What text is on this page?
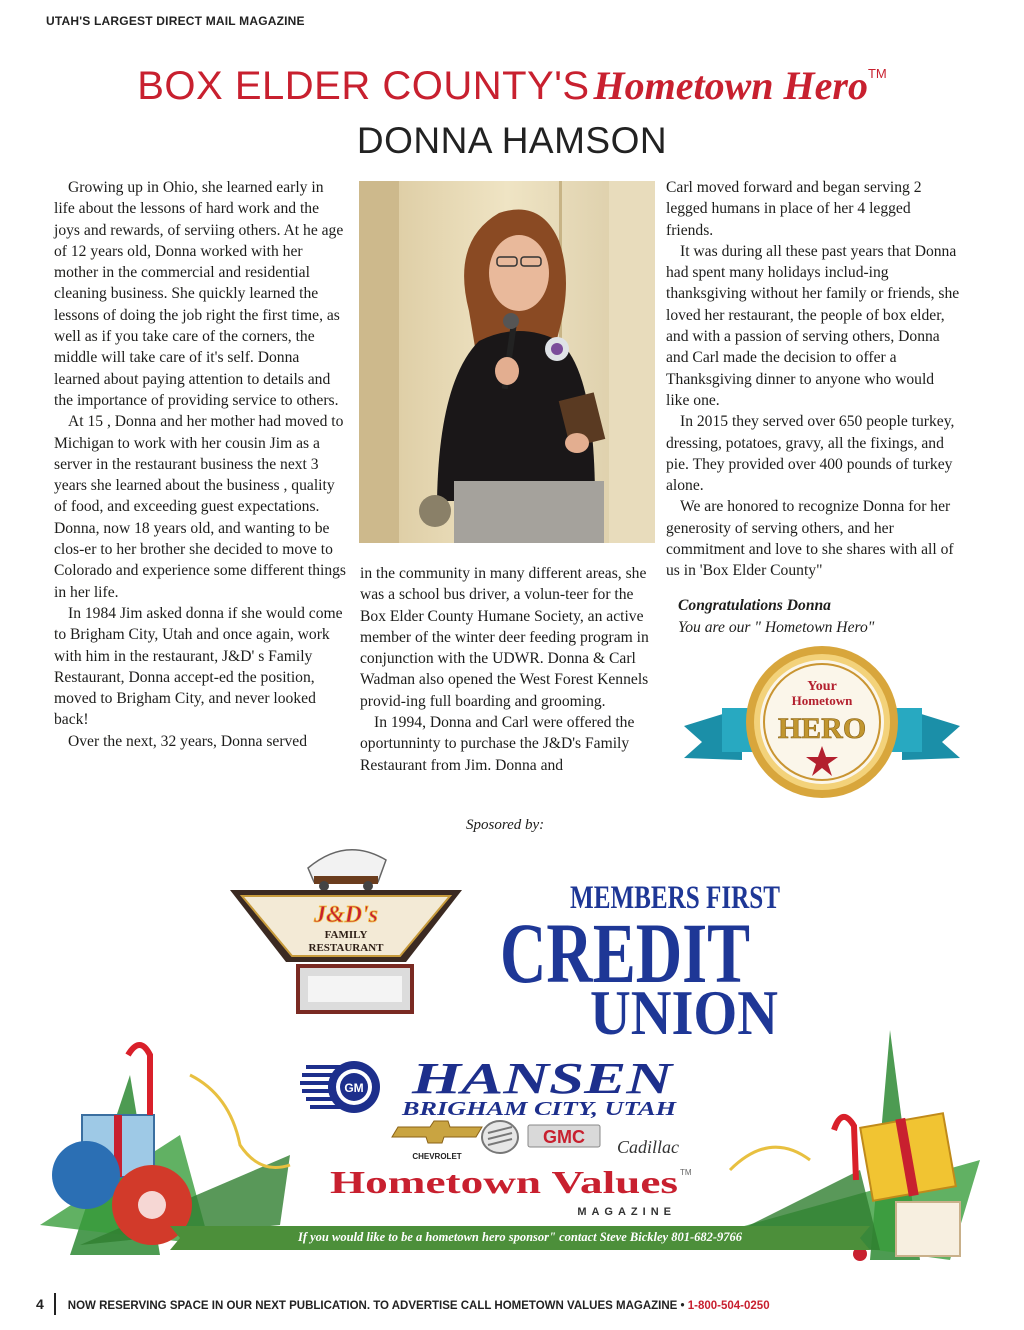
UTAH'S LARGEST DIRECT MAIL MAGAZINE
BOX ELDER COUNTY'S Hometown Hero™
DONNA HAMSON

Growing up in Ohio, she learned early in life about the lessons of hard work and the joys and rewards, of serviing others. At he age of 12 years old, Donna worked with her mother in the commercial and residential cleaning business. She quickly learned the lessons of doing the job right the first time, as well as if you take care of the corners, the middle will take care of it's self. Donna learned about paying attention to details and the importance of providing service to others.

At 15 , Donna and her mother had moved to Michigan to work with her cousin Jim as a server in the restaurant business the next 3 years she learned about the business , quality of food, and exceeding guest expectations. Donna, now 18 years old, and wanting to be clos-er to her brother she decided to move to Colorado and experience some different things in her life.

In 1984 Jim asked donna if she would come to Brigham City, Utah and once again, work with him in the restaurant, J&D' s Family Restaurant, Donna accept-ed the position, moved to Brigham City, and never looked back!

Over the next, 32 years, Donna served

in the community in many different areas, she was a school bus driver, a volun-teer for the Box Elder County Humane Society, an active member of the winter deer feeding program in conjunction with the UDWR. Donna & Carl Wadman also opened the West Forest Kennels provid-ing full boarding and grooming.

In 1994, Donna and Carl were offered the oportunninty to purchase the J&D's Family Restaurant from Jim. Donna and

Carl moved forward and began serving 2 legged humans in place of her 4 legged friends.

It was during all these past years that Donna had spent many holidays includ-ing thanksgiving without her family or friends, she loved her restaurant, the people of box elder, and with a passion of serving others, Donna and Carl made the decision to offer a Thanksgiving dinner to anyone who would like one.

In 2015 they served over 650 people turkey, dressing, potatoes, gravy, all the fixings, and pie. They provided over 400 pounds of turkey alone.

We are honored to recognize Donna for her generosity of serving others, and her commitment and love to she shares with all of us in 'Box Elder County"

Congratulations Donna
You are our " Hometown Hero"
Your
Hometown
HERO
Sposored by:
J&D's
FAMILY
RESTAURANT
MEMBERS FIRST
CREDIT
UNION
GM HANSEN
BRIGHAM CITY, UTAH
CHEVROLET
GMC Cadillac
Hometown Values TM
MAGAZINE
If you would like to be a hometown hero sponsor" contact Steve Bickley 801-682-9766
4 NOW RESERVING SPACE IN OUR NEXT PUBLICATION. TO ADVERTISE CALL HOMETOWN VALUES MAGAZINE • 1-800-504-0250
